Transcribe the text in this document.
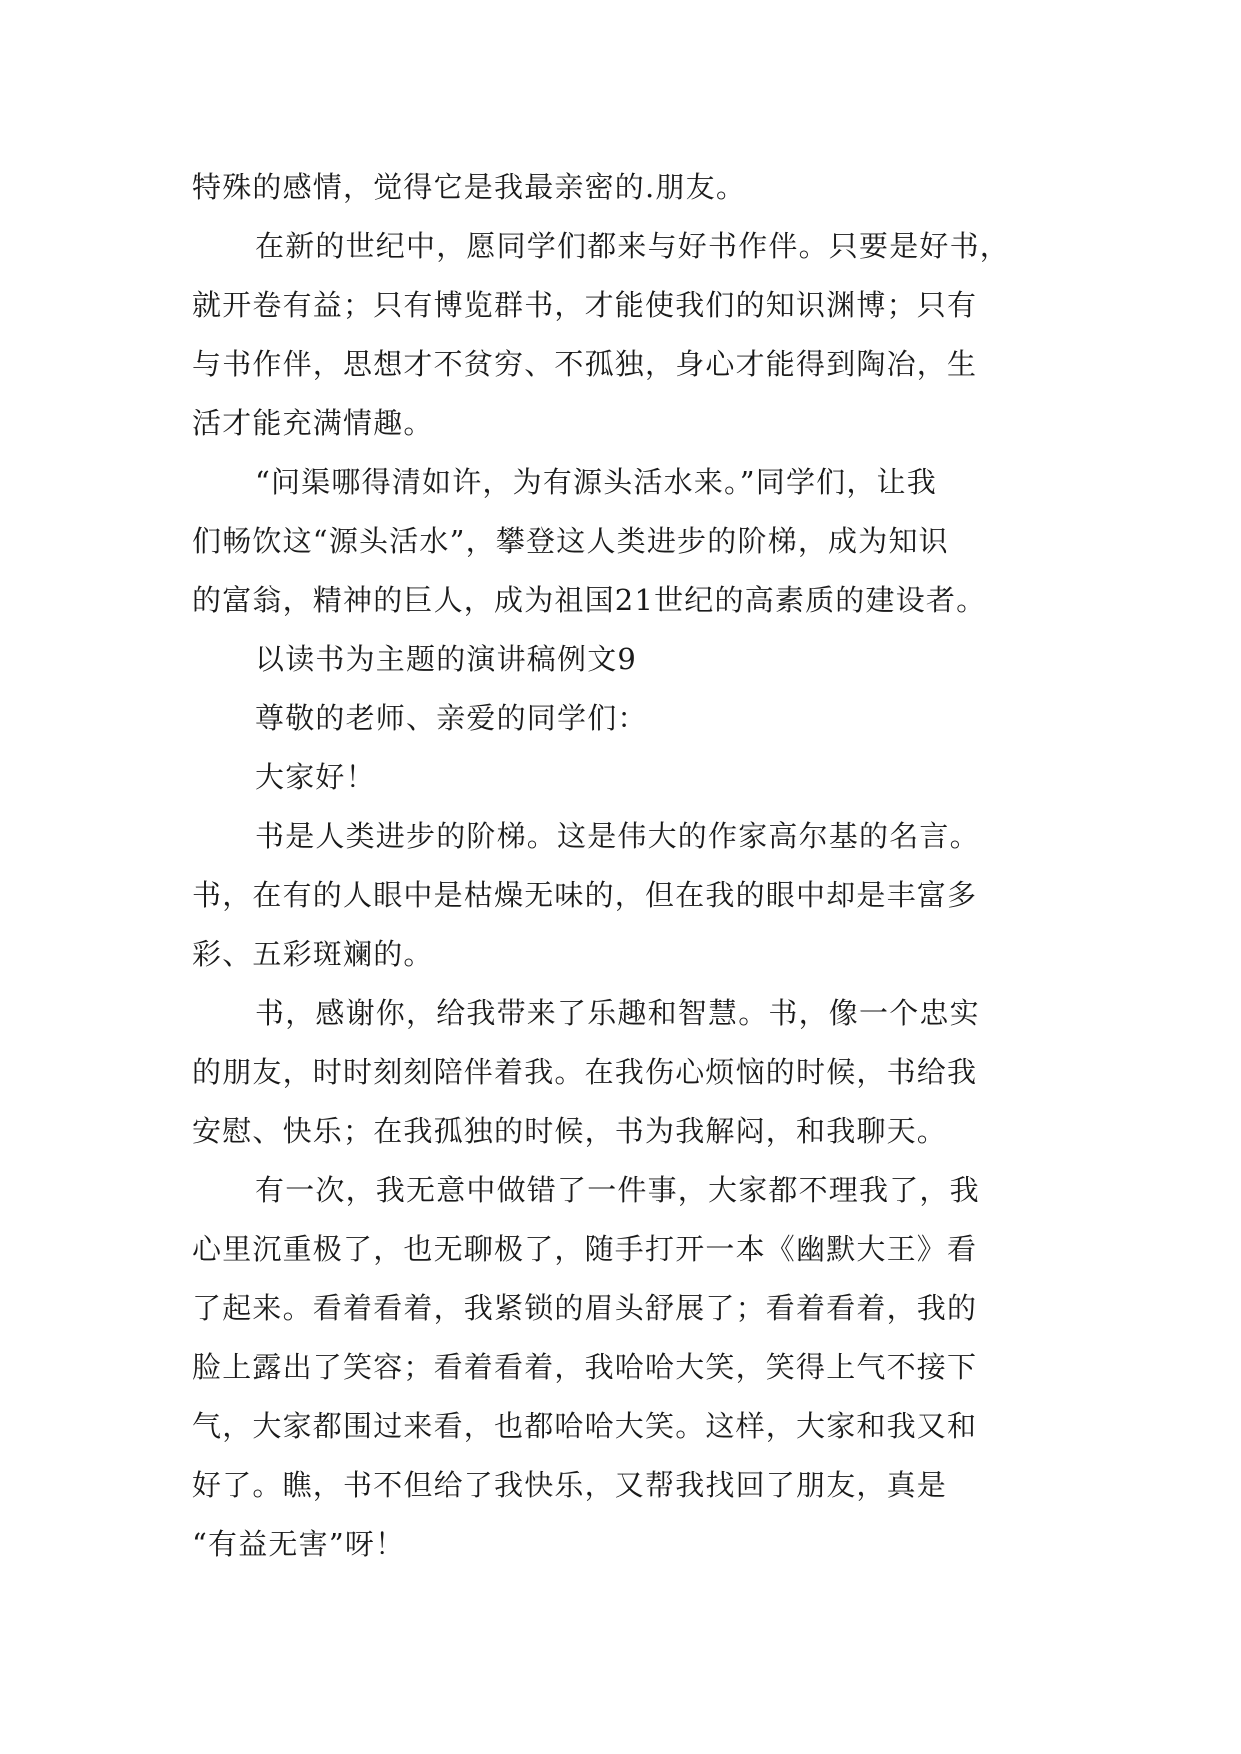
特殊的感情，觉得它是我最亲密的.朋友。
在新的世纪中，愿同学们都来与好书作伴。只要是好书，
就开卷有益；只有博览群书，才能使我们的知识渊博；只有
与书作伴，思想才不贫穷、不孤独，身心才能得到陶冶，生
活才能充满情趣。
“问渠哪得清如许，为有源头活水来。”同学们，让我
们畅饮这“源头活水”，攀登这人类进步的阶梯，成为知识
的富翁，精神的巨人，成为祖国21世纪的高素质的建设者。
以读书为主题的演讲稿例文9
尊敬的老师、亲爱的同学们：
大家好！
书是人类进步的阶梯。这是伟大的作家高尔基的名言。
书，在有的人眼中是枯燥无味的，但在我的眼中却是丰富多
彩、五彩斑斓的。
书，感谢你，给我带来了乐趣和智慧。书，像一个忠实
的朋友，时时刻刻陪伴着我。在我伤心烦恼的时候，书给我
安慰、快乐；在我孤独的时候，书为我解闷，和我聊天。
有一次，我无意中做错了一件事，大家都不理我了，我
心里沉重极了，也无聊极了，随手打开一本《幽默大王》看
了起来。看着看着，我紧锁的眉头舒展了；看着看着，我的
脸上露出了笑容；看着看着，我哈哈大笑，笑得上气不接下
气，大家都围过来看，也都哈哈大笑。这样，大家和我又和
好了。瞧，书不但给了我快乐，又帮我找回了朋友，真是
“有益无害”呀！
